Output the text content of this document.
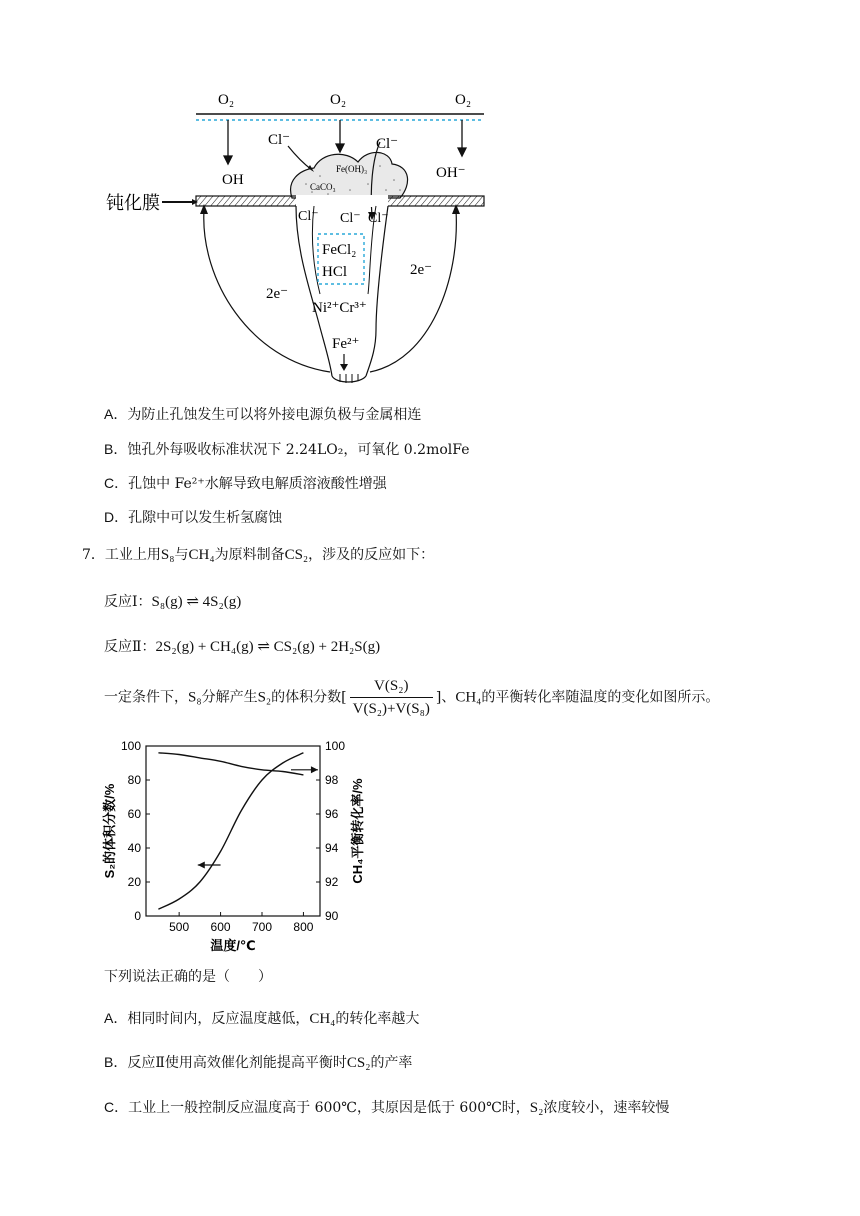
O₂	O₂	O₂
OH	OH⁻
Cl⁻	Cl⁻
Fe(OH)₃
CaCO₃
钝化膜
Cl⁻ Cl⁻ Cl⁻
FeCl₂
HCl
Ni²⁺Cr³⁺
Fe²⁺
2e⁻
2e⁻
A．为防止孔蚀发生可以将外接电源负极与金属相连
B．蚀孔外每吸收标准状况下 2.24LO₂，可氧化 0.2molFe
C．孔蚀中 Fe²⁺水解导致电解质溶液酸性增强
D．孔隙中可以发生析氢腐蚀
7．工业上用S₈与CH₄为原料制备CS₂，涉及的反应如下：
反应Ⅰ：S₈(g) ⇌ 4S₂(g)
反应Ⅱ：2S₂(g) + CH₄(g) ⇌ CS₂(g) + 2H₂S(g)
一定条件下，S₈分解产生S₂的体积分数[ $\frac{\text{V(S₂)}}{\text{V(S₂)+V(S₈)}}$ ]、CH₄的平衡转化率随温度的变化如图所示。
500 600 700 800
0
20
40
60
80
100
90
92
94
96
98
100
温度/℃
S₂的体积分数/%	CH₄平衡转化率/%
下列说法正确的是（　　）
A．相同时间内，反应温度越低，CH₄的转化率越大
B．反应Ⅱ使用高效催化剂能提高平衡时CS₂的产率
C．工业上一般控制反应温度高于 600℃，其原因是低于 600℃时，S₂浓度较小，速率较慢
